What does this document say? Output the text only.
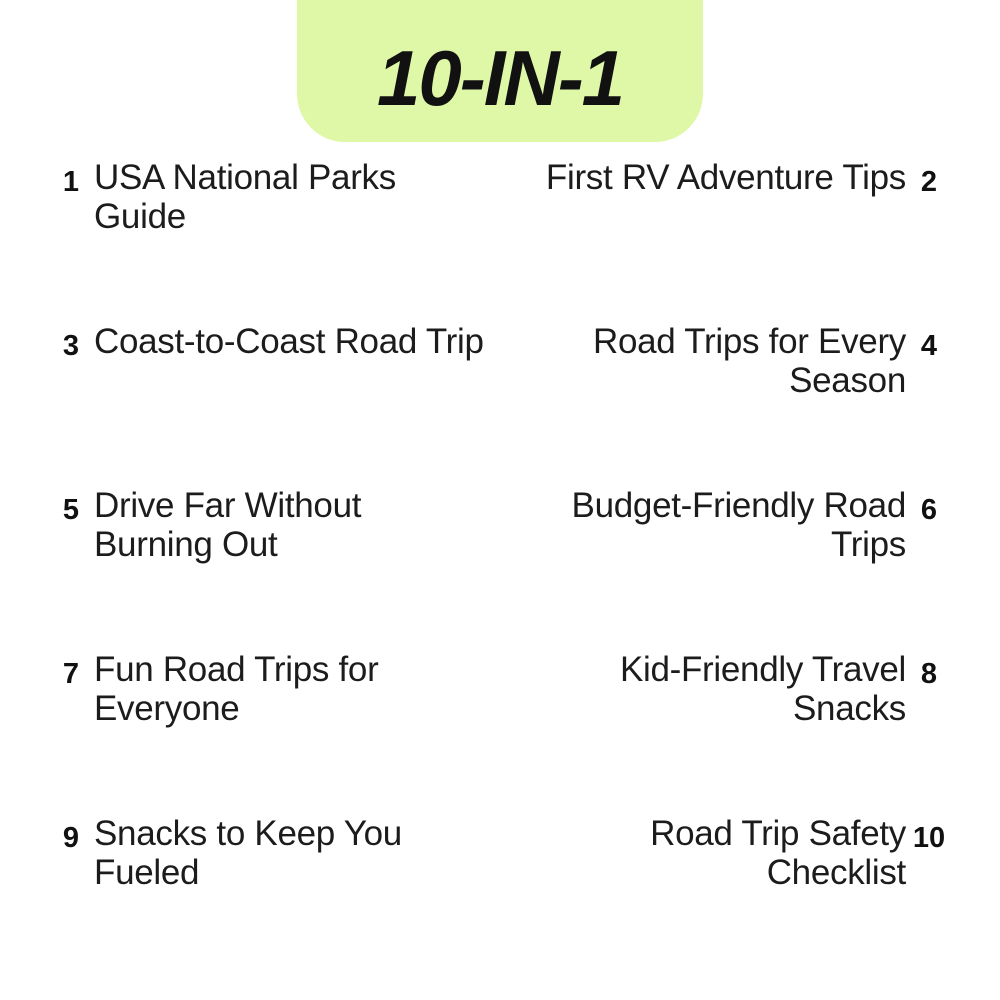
10-IN-1
1 USA National Parks Guide
2
First RV Adventure Tips
3 Coast-to-Coast Road Trip	4
Road Trips for Every Season
5 Drive Far Without Burning Out
6
Budget-Friendly Road Trips
7 Fun Road Trips for Everyone
8
Kid-Friendly Travel Snacks
9 Snacks to Keep You Fueled
10
Road Trip Safety Checklist
